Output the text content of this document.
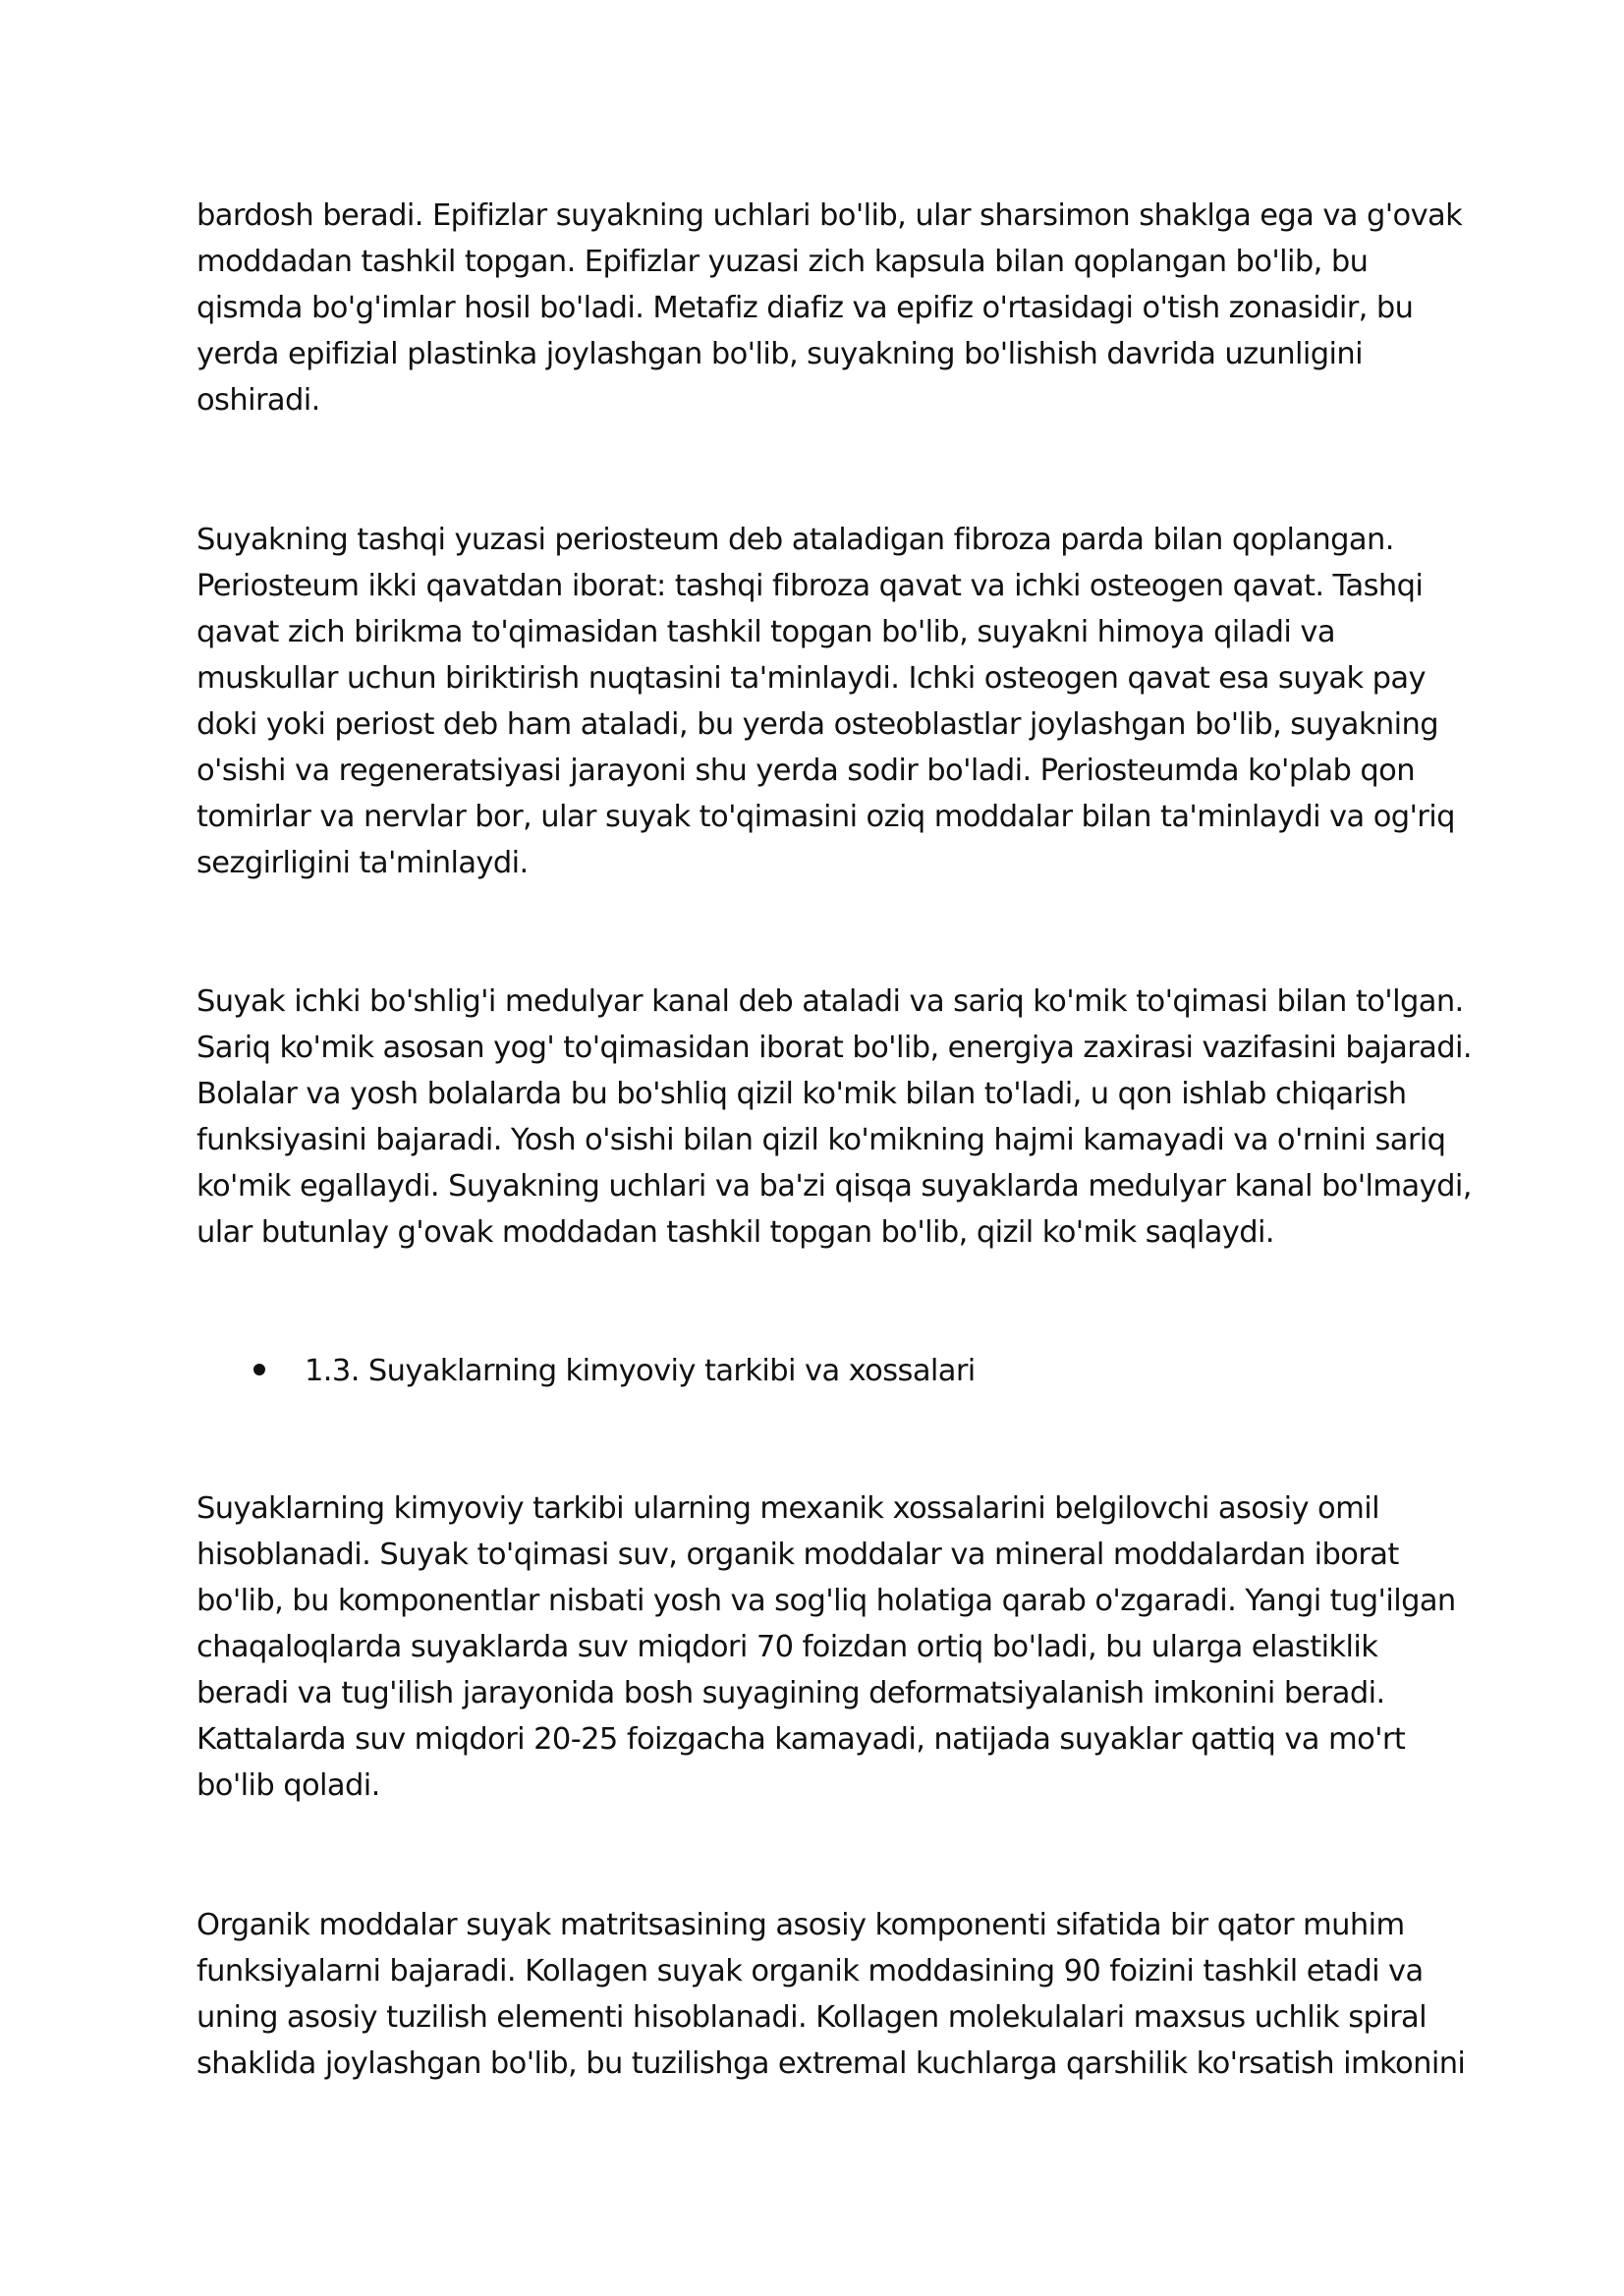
bardosh beradi. Epifizlar suyakning uchlari bo'lib, ular sharsimon shaklga ega va g'ovak
moddadan tashkil topgan. Epifizlar yuzasi zich kapsula bilan qoplangan bo'lib, bu
qismda bo'g'imlar hosil bo'ladi. Metafiz diafiz va epifiz o'rtasidagi o'tish zonasidir, bu
yerda epifizial plastinka joylashgan bo'lib, suyakning bo'lishish davrida uzunligini
oshiradi.
Suyakning tashqi yuzasi periosteum deb ataladigan fibroza parda bilan qoplangan.
Periosteum ikki qavatdan iborat: tashqi fibroza qavat va ichki osteogen qavat. Tashqi
qavat zich birikma to'qimasidan tashkil topgan bo'lib, suyakni himoya qiladi va
muskullar uchun biriktirish nuqtasini ta'minlaydi. Ichki osteogen qavat esa suyak pay
doki yoki periost deb ham ataladi, bu yerda osteoblastlar joylashgan bo'lib, suyakning
o'sishi va regeneratsiyasi jarayoni shu yerda sodir bo'ladi. Periosteumda ko'plab qon
tomirlar va nervlar bor, ular suyak to'qimasini oziq moddalar bilan ta'minlaydi va og'riq
sezgirligini ta'minlaydi.
Suyak ichki bo'shlig'i medulyar kanal deb ataladi va sariq ko'mik to'qimasi bilan to'lgan.
Sariq ko'mik asosan yog' to'qimasidan iborat bo'lib, energiya zaxirasi vazifasini bajaradi.
Bolalar va yosh bolalarda bu bo'shliq qizil ko'mik bilan to'ladi, u qon ishlab chiqarish
funksiyasini bajaradi. Yosh o'sishi bilan qizil ko'mikning hajmi kamayadi va o'rnini sariq
ko'mik egallaydi. Suyakning uchlari va ba'zi qisqa suyaklarda medulyar kanal bo'lmaydi,
ular butunlay g'ovak moddadan tashkil topgan bo'lib, qizil ko'mik saqlaydi.
1.3. Suyaklarning kimyoviy tarkibi va xossalari
Suyaklarning kimyoviy tarkibi ularning mexanik xossalarini belgilovchi asosiy omil
hisoblanadi. Suyak to'qimasi suv, organik moddalar va mineral moddalardan iborat
bo'lib, bu komponentlar nisbati yosh va sog'liq holatiga qarab o'zgaradi. Yangi tug'ilgan
chaqaloqlarda suyaklarda suv miqdori 70 foizdan ortiq bo'ladi, bu ularga elastiklik
beradi va tug'ilish jarayonida bosh suyagining deformatsiyalanish imkonini beradi.
Kattalarda suv miqdori 20-25 foizgacha kamayadi, natijada suyaklar qattiq va mo'rt
bo'lib qoladi.
Organik moddalar suyak matritsasining asosiy komponenti sifatida bir qator muhim
funksiyalarni bajaradi. Kollagen suyak organik moddasining 90 foizini tashkil etadi va
uning asosiy tuzilish elementi hisoblanadi. Kollagen molekulalari maxsus uchlik spiral
shaklida joylashgan bo'lib, bu tuzilishga extremal kuchlarga qarshilik ko'rsatish imkonini
